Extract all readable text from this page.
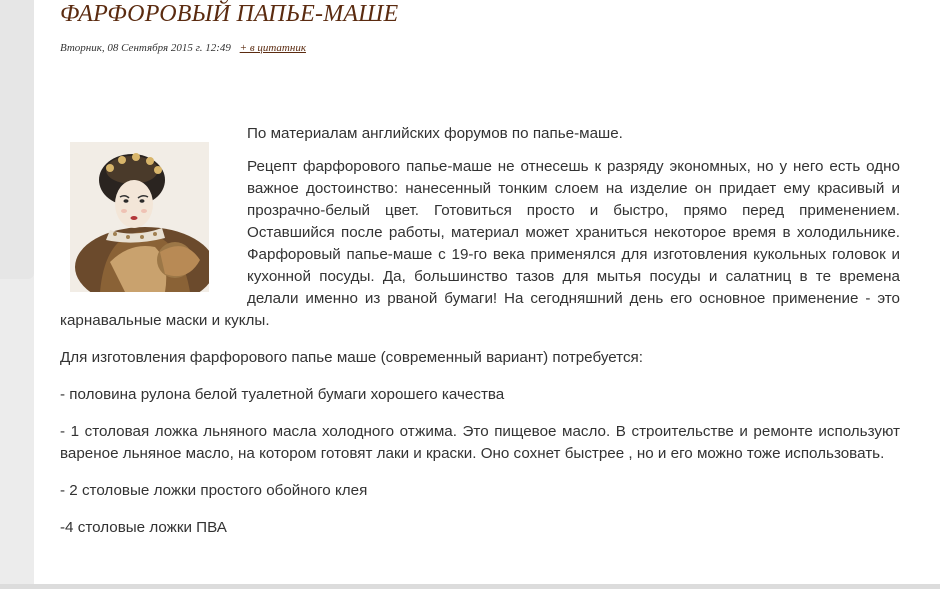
ФАРФОРОВЫЙ ПАПЬЕ-МАШЕ
Вторник, 08 Сентября 2015 г. 12:49 + в цитатник

По материалам английских форумов по папье-маше.

Рецепт фарфорового папье-маше не отнесешь к разряду экономных, но у него есть одно важное достоинство: нанесенный тонким слоем на изделие он придает ему красивый и прозрачно-белый цвет. Готовиться просто и быстро, прямо перед применением. Оставшийся после работы, материал может храниться некоторое время в холодильнике. Фарфоровый папье-маше с 19-го века применялся для изготовления кукольных головок и кухонной посуды. Да, большинство тазов для мытья посуды и салатниц в те времена делали именно из рваной бумаги! На сегодняшний день его основное применение - это карнавальные маски и куклы.

Для изготовления фарфорового папье маше (современный вариант) потребуется:

- половина рулона белой туалетной бумаги хорошего качества

- 1 столовая ложка льняного масла холодного отжима. Это пищевое масло. В строительстве и ремонте используют вареное льняное масло, на котором готовят лаки и краски. Оно сохнет быстрее , но и его можно тоже использовать.

- 2 столовые ложки простого обойного клея

-4 столовые ложки ПВА
